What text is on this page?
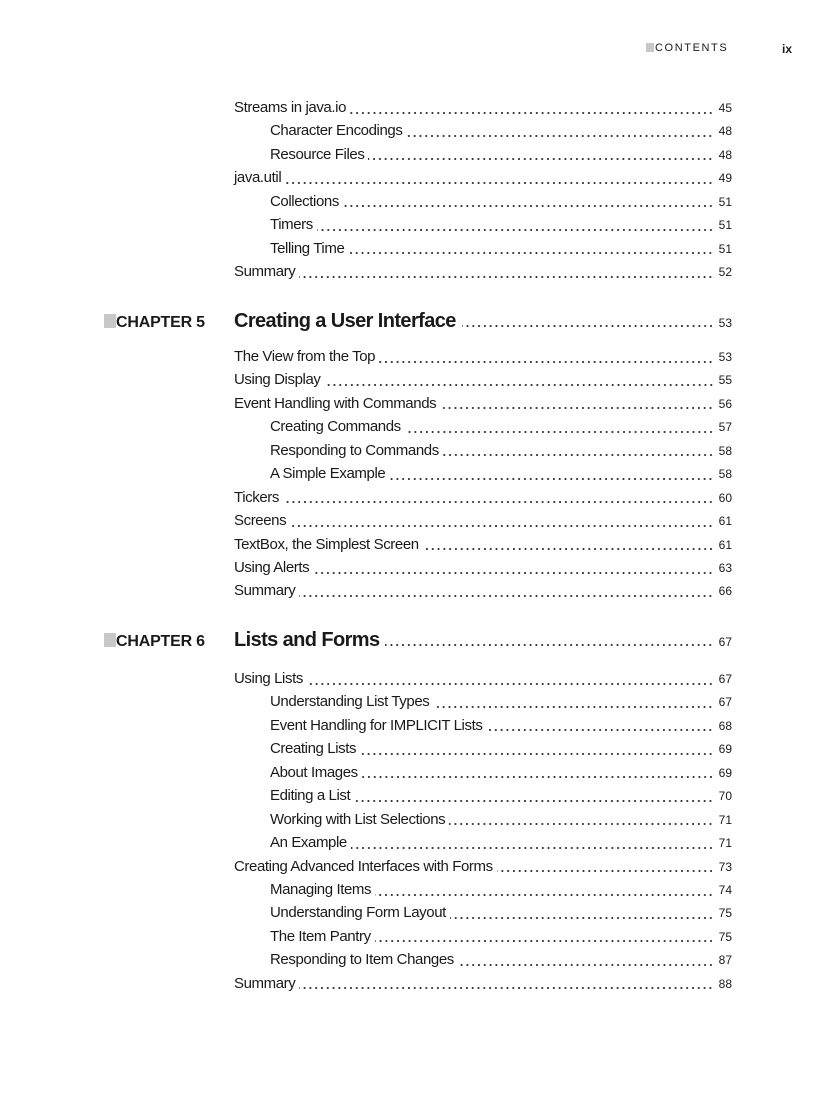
CONTENTS	ix
Streams in java.io	45
Character Encodings	48
Resource Files	48
java.util	49
Collections	51
Timers	51
Telling Time	51
Summary	52
CHAPTER 5	Creating a User Interface	53
The View from the Top	53
Using Display	55
Event Handling with Commands	56
Creating Commands	57
Responding to Commands	58
A Simple Example	58
Tickers	60
Screens	61
TextBox, the Simplest Screen	61
Using Alerts	63
Summary	66
CHAPTER 6	Lists and Forms	67
Using Lists	67
Understanding List Types	67
Event Handling for IMPLICIT Lists	68
Creating Lists	69
About Images	69
Editing a List	70
Working with List Selections	71
An Example	71
Creating Advanced Interfaces with Forms	73
Managing Items	74
Understanding Form Layout	75
The Item Pantry	75
Responding to Item Changes	87
Summary	88
